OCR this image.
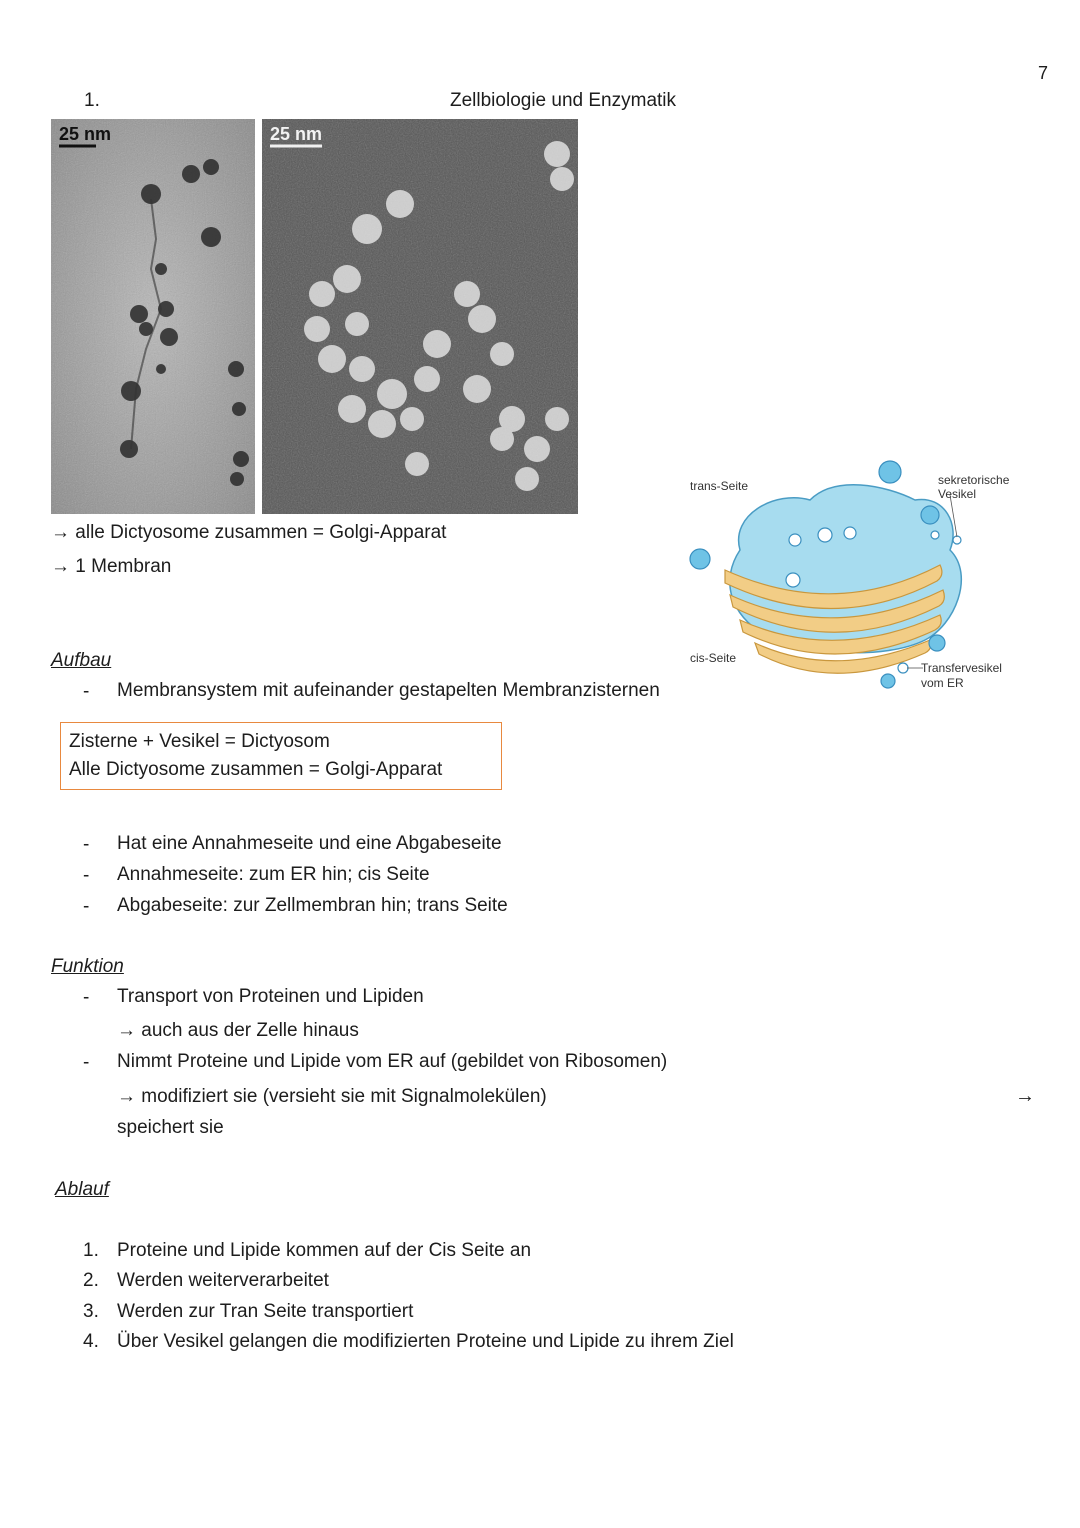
7
1.	Zellbiologie und Enzymatik
25 nm	25 nm
→ alle Dictyosome zusammen = Golgi-Apparat
→ 1 Membran
trans-Seite
cis-Seite
sekretorische
Vesikel
Transfervesikel
vom ER
Aufbau
- Membransystem mit aufeinander gestapelten Membranzisternen
Zisterne + Vesikel = Dictyosom
Alle Dictyosome zusammen = Golgi-Apparat
- Hat eine Annahmeseite und eine Abgabeseite
- Annahmeseite: zum ER hin; cis Seite
- Abgabeseite: zur Zellmembran hin; trans Seite
Funktion
- Transport von Proteinen und Lipiden
→ auch aus der Zelle hinaus
- Nimmt Proteine und Lipide vom ER auf (gebildet von Ribosomen)
→ modifiziert sie (versieht sie mit Signalmolekülen)
speichert sie
→
Ablauf
1. Proteine und Lipide kommen auf der Cis Seite an
2. Werden weiterverarbeitet
3. Werden zur Tran Seite transportiert
4. Über Vesikel gelangen die modifizierten Proteine und Lipide zu ihrem Ziel
